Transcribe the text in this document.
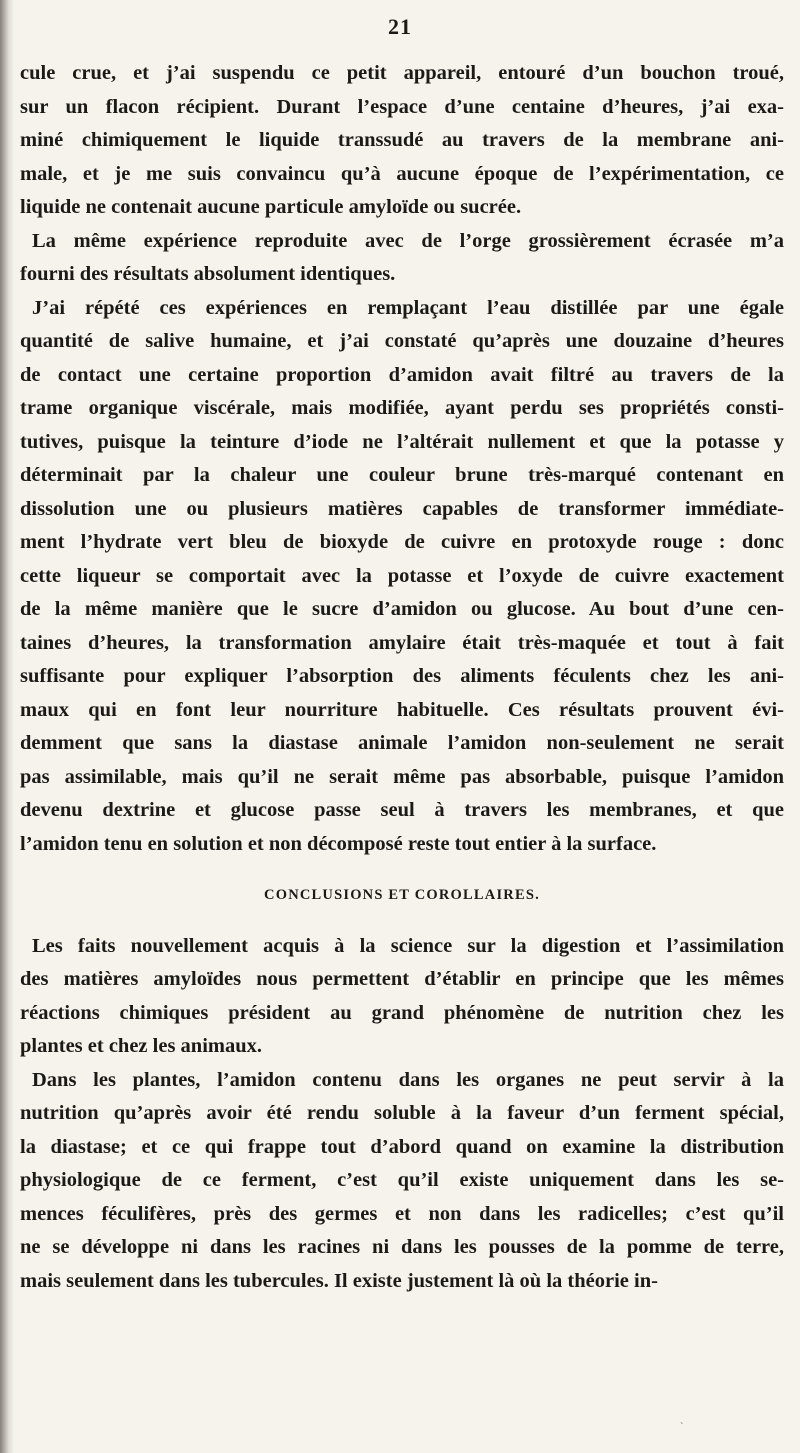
21

cule crue, et j’ai suspendu ce petit appareil, entouré d’un bouchon troué,
sur un flacon récipient. Durant l’espace d’une centaine d’heures, j’ai exa-
miné chimiquement le liquide transsudé au travers de la membrane ani-
male, et je me suis convaincu qu’à aucune époque de l’expérimentation, ce
liquide ne contenait aucune particule amyloïde ou sucrée.

La même expérience reproduite avec de l’orge grossièrement écrasée m’a
fourni des résultats absolument identiques.

J’ai répété ces expériences en remplaçant l’eau distillée par une égale
quantité de salive humaine, et j’ai constaté qu’après une douzaine d’heures
de contact une certaine proportion d’amidon avait filtré au travers de la
trame organique viscérale, mais modifiée, ayant perdu ses propriétés consti-
tutives, puisque la teinture d’iode ne l’altérait nullement et que la potasse y
déterminait par la chaleur une couleur brune très-marqué contenant en
dissolution une ou plusieurs matières capables de transformer immédiate-
ment l’hydrate vert bleu de bioxyde de cuivre en protoxyde rouge : donc
cette liqueur se comportait avec la potasse et l’oxyde de cuivre exactement
de la même manière que le sucre d’amidon ou glucose. Au bout d’une cen-
taines d’heures, la transformation amylaire était très-maquée et tout à fait
suffisante pour expliquer l’absorption des aliments féculents chez les ani-
maux qui en font leur nourriture habituelle. Ces résultats prouvent évi-
demment que sans la diastase animale l’amidon non-seulement ne serait
pas assimilable, mais qu’il ne serait même pas absorbable, puisque l’amidon
devenu dextrine et glucose passe seul à travers les membranes, et que
l’amidon tenu en solution et non décomposé reste tout entier à la surface.

CONCLUSIONS ET COROLLAIRES.

Les faits nouvellement acquis à la science sur la digestion et l’assimilation
des matières amyloïdes nous permettent d’établir en principe que les mêmes
réactions chimiques président au grand phénomène de nutrition chez les
plantes et chez les animaux.

Dans les plantes, l’amidon contenu dans les organes ne peut servir à la
nutrition qu’après avoir été rendu soluble à la faveur d’un ferment spécial,
la diastase; et ce qui frappe tout d’abord quand on examine la distribution
physiologique de ce ferment, c’est qu’il existe uniquement dans les se-
mences féculifères, près des germes et non dans les radicelles; c’est qu’il
ne se développe ni dans les racines ni dans les pousses de la pomme de terre,
mais seulement dans les tubercules. Il existe justement là où la théorie in-

`
